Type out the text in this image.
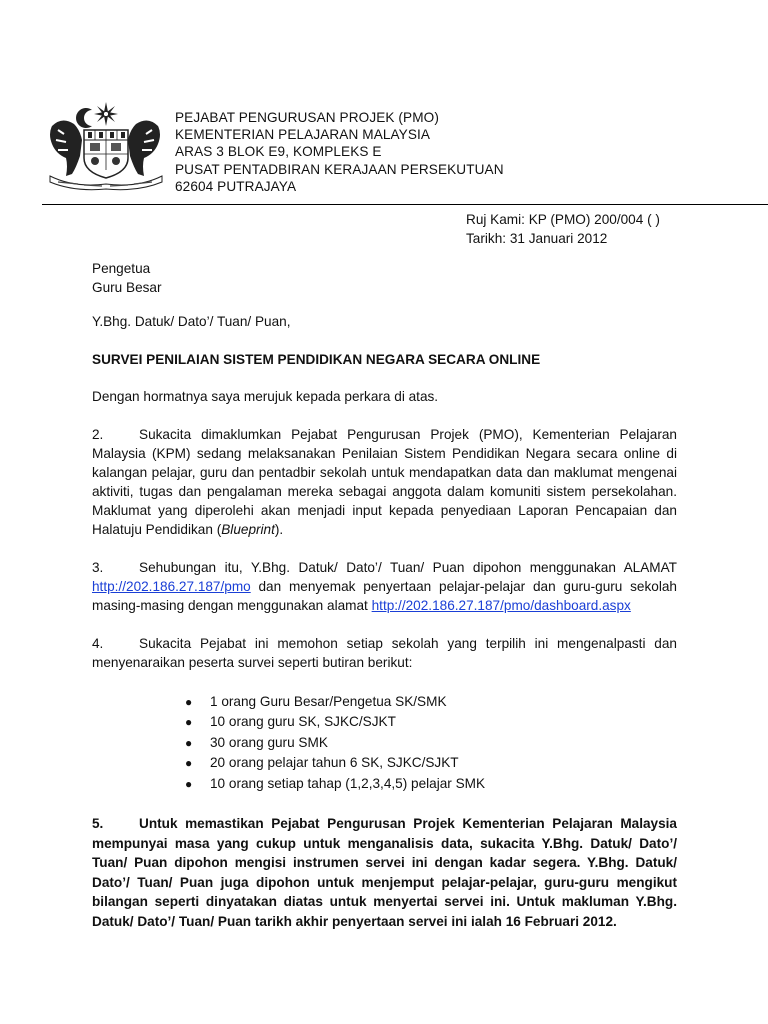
PEJABAT PENGURUSAN PROJEK (PMO)
KEMENTERIAN PELAJARAN MALAYSIA
ARAS 3 BLOK E9, KOMPLEKS E
PUSAT PENTADBIRAN KERAJAAN PERSEKUTUAN
62604 PUTRAJAYA
Ruj Kami: KP (PMO) 200/004 ( )
Tarikh: 31 Januari 2012

Pengetua
Guru Besar

Y.Bhg. Datuk/ Dato’/ Tuan/ Puan,

SURVEI PENILAIAN SISTEM PENDIDIKAN NEGARA SECARA ONLINE

Dengan hormatnya saya merujuk kepada perkara di atas.

2.	Sukacita dimaklumkan Pejabat Pengurusan Projek (PMO), Kementerian Pelajaran Malaysia (KPM) sedang melaksanakan Penilaian Sistem Pendidikan Negara secara online di kalangan pelajar, guru dan pentadbir sekolah untuk mendapatkan data dan maklumat mengenai aktiviti, tugas dan pengalaman mereka sebagai anggota dalam komuniti sistem persekolahan. Maklumat yang diperolehi akan menjadi input kepada penyediaan Laporan Pencapaian dan Halatuju Pendidikan (Blueprint).

3.	Sehubungan itu, Y.Bhg. Datuk/ Dato’/ Tuan/ Puan dipohon menggunakan ALAMAT http://202.186.27.187/pmo dan menyemak penyertaan pelajar-pelajar dan guru-guru sekolah masing-masing dengan menggunakan alamat http://202.186.27.187/pmo/dashboard.aspx

4.	Sukacita Pejabat ini memohon setiap sekolah yang terpilih ini mengenalpasti dan menyenaraikan peserta survei seperti butiran berikut:

● 1 orang Guru Besar/Pengetua SK/SMK
● 10 orang guru SK, SJKC/SJKT
● 30 orang guru SMK
● 20 orang pelajar tahun 6 SK, SJKC/SJKT
● 10 orang setiap tahap (1,2,3,4,5) pelajar SMK

5.	Untuk memastikan Pejabat Pengurusan Projek Kementerian Pelajaran Malaysia mempunyai masa yang cukup untuk menganalisis data, sukacita Y.Bhg. Datuk/ Dato’/ Tuan/ Puan dipohon mengisi instrumen servei ini dengan kadar segera. Y.Bhg. Datuk/ Dato’/ Tuan/ Puan juga dipohon untuk menjemput pelajar-pelajar, guru-guru mengikut bilangan seperti dinyatakan diatas untuk menyertai servei ini. Untuk makluman Y.Bhg. Datuk/ Dato’/ Tuan/ Puan tarikh akhir penyertaan servei ini ialah 16 Februari 2012.
